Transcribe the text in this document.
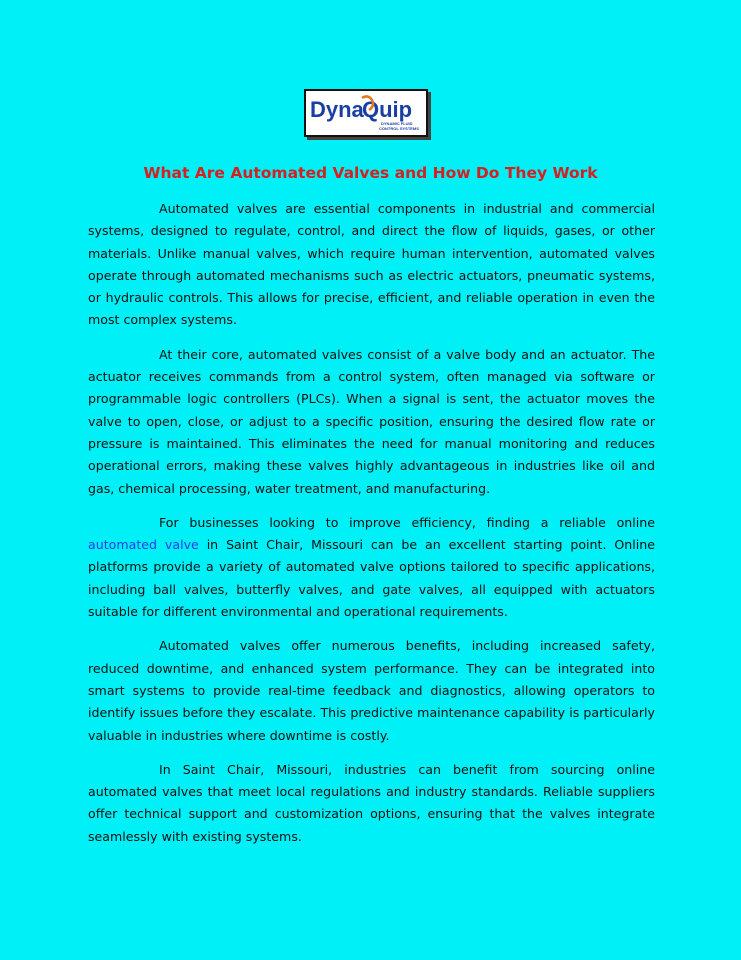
Dyna
Quip
DYNAMIC FLUID
CONTROL SYSTEMS
What Are Automated Valves and How Do They Work

Automated valves are essential components in industrial and commercial systems, designed to regulate, control, and direct the flow of liquids, gases, or other materials. Unlike manual valves, which require human intervention, automated valves operate through automated mechanisms such as electric actuators, pneumatic systems, or hydraulic controls. This allows for precise, efficient, and reliable operation in even the most complex systems.

At their core, automated valves consist of a valve body and an actuator. The actuator receives commands from a control system, often managed via software or programmable logic controllers (PLCs). When a signal is sent, the actuator moves the valve to open, close, or adjust to a specific position, ensuring the desired flow rate or pressure is maintained. This eliminates the need for manual monitoring and reduces operational errors, making these valves highly advantageous in industries like oil and gas, chemical processing, water treatment, and manufacturing.

For businesses looking to improve efficiency, finding a reliable online automated valve in Saint Chair, Missouri can be an excellent starting point. Online platforms provide a variety of automated valve options tailored to specific applications, including ball valves, butterfly valves, and gate valves, all equipped with actuators suitable for different environmental and operational requirements.

Automated valves offer numerous benefits, including increased safety, reduced downtime, and enhanced system performance. They can be integrated into smart systems to provide real-time feedback and diagnostics, allowing operators to identify issues before they escalate. This predictive maintenance capability is particularly valuable in industries where downtime is costly.

In Saint Chair, Missouri, industries can benefit from sourcing online automated valves that meet local regulations and industry standards. Reliable suppliers offer technical support and customization options, ensuring that the valves integrate seamlessly with existing systems.
